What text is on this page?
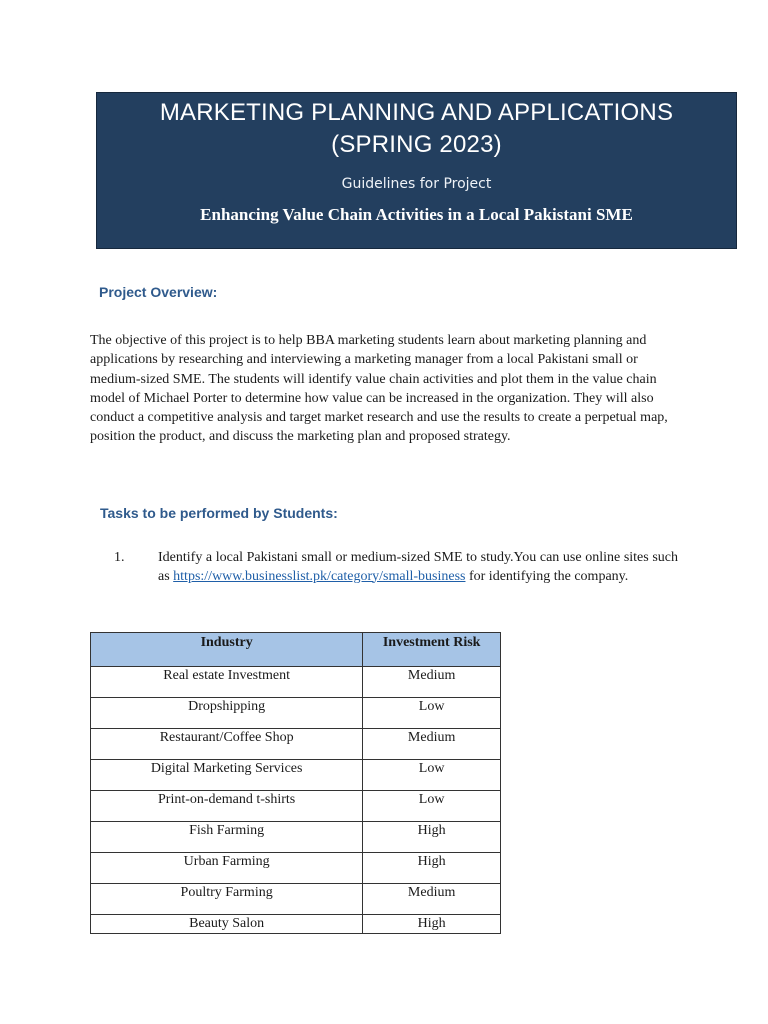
MARKETING PLANNING AND APPLICATIONS
(SPRING 2023)
Guidelines for Project
Enhancing Value Chain Activities in a Local Pakistani SME
Project Overview:
The objective of this project is to help BBA marketing students learn about marketing planning and applications by researching and interviewing a marketing manager from a local Pakistani small or medium-sized SME. The students will identify value chain activities and plot them in the value chain model of Michael Porter to determine how value can be increased in the organization. They will also conduct a competitive analysis and target market research and use the results to create a perpetual map, position the product, and discuss the marketing plan and proposed strategy.
Tasks to be performed by Students:
1. Identify a local Pakistani small or medium-sized SME to study.You can use online sites such as https://www.businesslist.pk/category/small-business for identifying the company.
Industry	Investment Risk
Real estate Investment	Medium
Dropshipping	Low
Restaurant/Coffee Shop	Medium
Digital Marketing Services	Low
Print-on-demand t-shirts	Low
Fish Farming	High
Urban Farming	High
Poultry Farming	Medium
Beauty Salon	High
